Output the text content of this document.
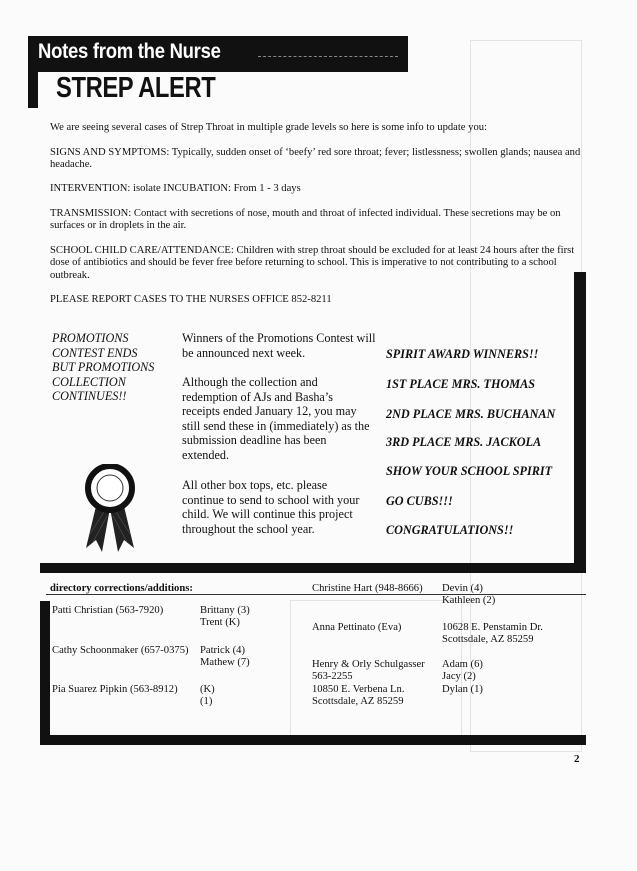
Notes from the Nurse
STREP ALERT
We are seeing several cases of Strep Throat in multiple grade levels so here is some info to update you:
SIGNS AND SYMPTOMS: Typically, sudden onset of ‘beefy’ red sore throat; fever; listlessness; swollen glands; nausea and headache.
INTERVENTION: isolate INCUBATION: From 1 - 3 days
TRANSMISSION: Contact with secretions of nose, mouth and throat of infected individual. These secretions may be on surfaces or in droplets in the air.
SCHOOL CHILD CARE/ATTENDANCE: Children with strep throat should be excluded for at least 24 hours after the first dose of antibiotics and should be fever free before returning to school. This is imperative to not contributing to a school outbreak.
PLEASE REPORT CASES TO THE NURSES OFFICE 852-8211
PROMOTIONS
CONTEST ENDS
BUT PROMOTIONS
COLLECTION
CONTINUES!!
Winners of the Promotions Contest will be announced next week.
Although the collection and redemption of AJs and Basha’s receipts ended January 12, you may still send these in (immediately) as the submission deadline has been extended.
All other box tops, etc. please continue to send to school with your child. We will continue this project throughout the school year.
SPIRIT AWARD WINNERS!!
1ST PLACE MRS. THOMAS
2ND PLACE MRS. BUCHANAN
3RD PLACE MRS. JACKOLA
SHOW YOUR SCHOOL SPIRIT
GO CUBS!!!
CONGRATULATIONS!!
directory corrections/additions:
Patti Christian (563-7920)	Brittany (3)
Trent (K)
Cathy Schoonmaker (657-0375) Patrick (4)
Mathew (7)
Pia Suarez Pipkin (563-8912) (K)
(1)
Christine Hart (948-8666) Devin (4)
Kathleen (2)
Anna Pettinato (Eva)	10628 E. Penstamin Dr.
Scottsdale, AZ 85259
Henry & Orly Schulgasser
563-2255
10850 E. Verbena Ln.
Scottsdale, AZ 85259
Adam (6)
Jacy (2)
Dylan (1)
2
